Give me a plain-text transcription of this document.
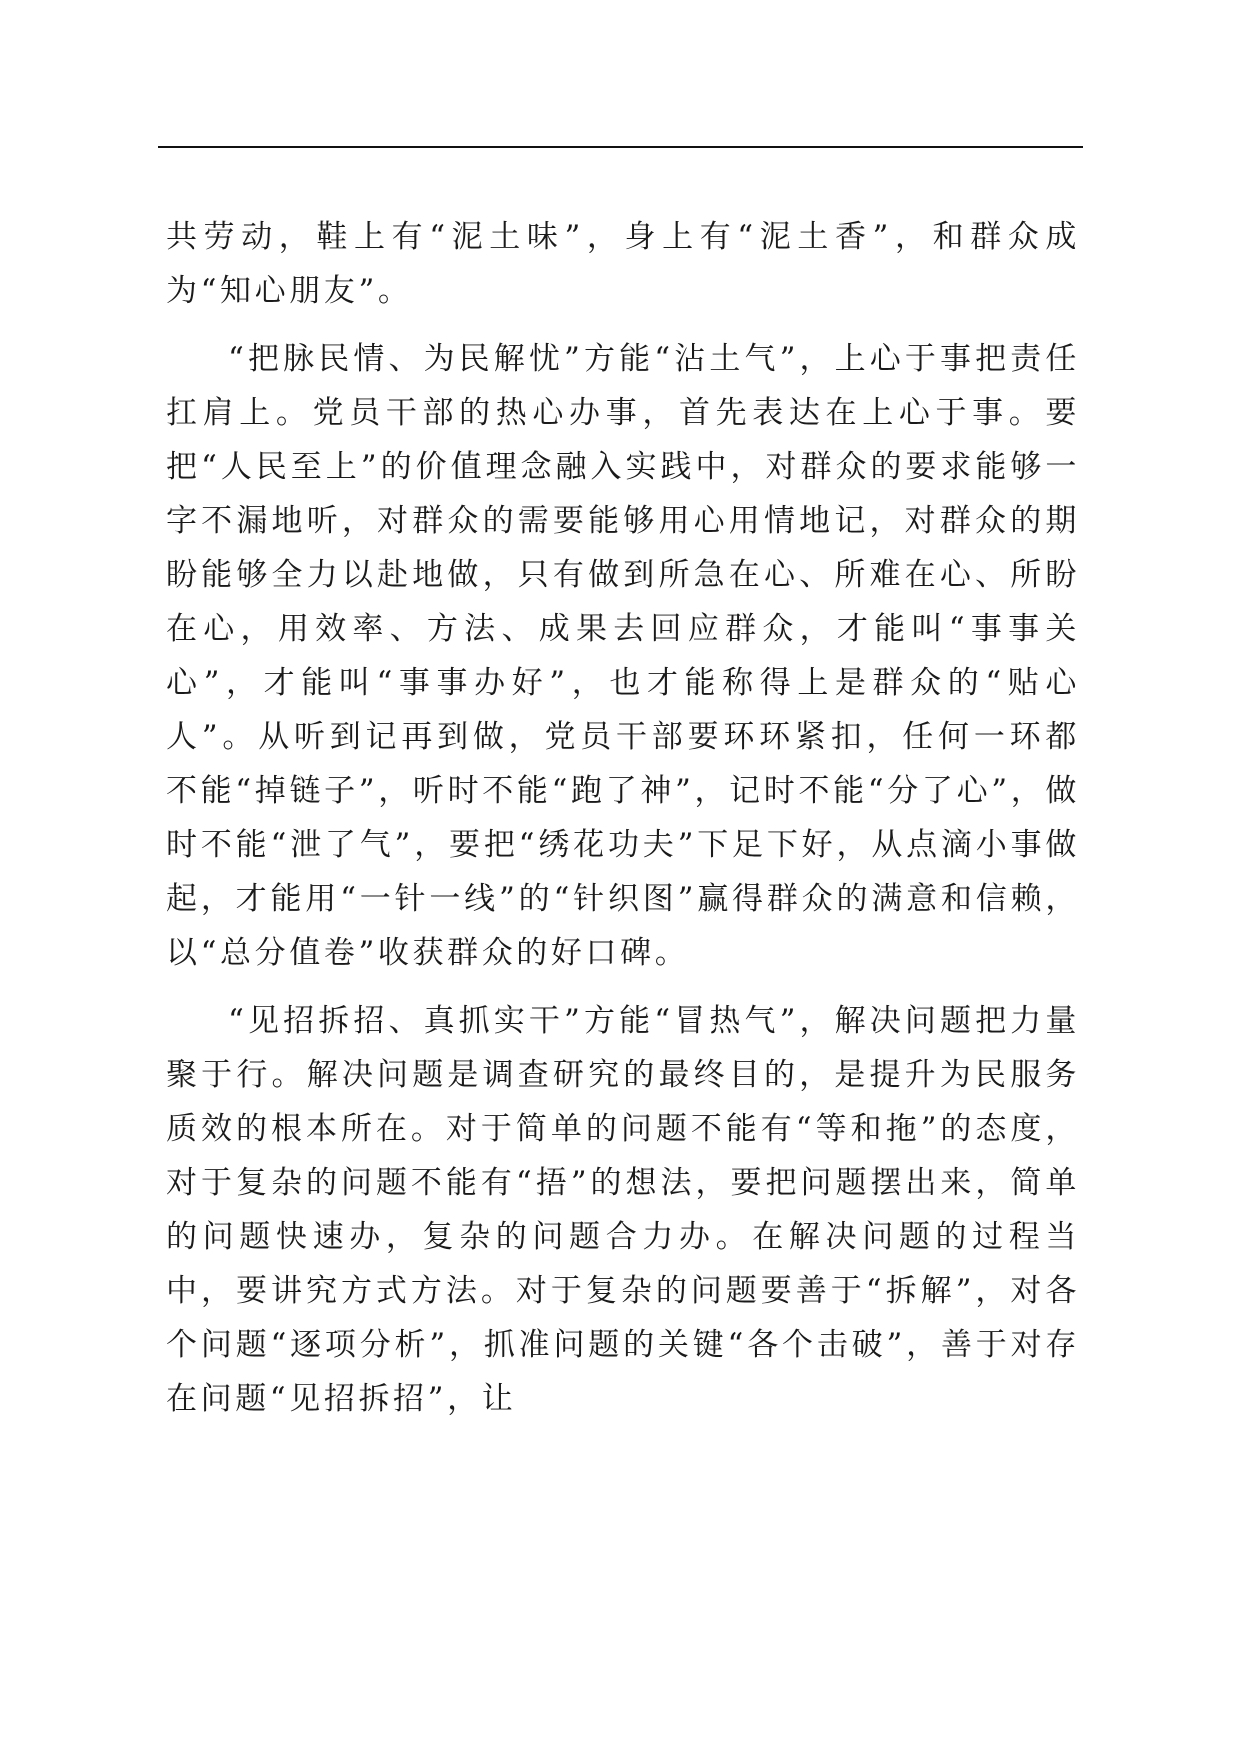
共劳动，鞋上有“泥土味”，身上有“泥土香”，和群众成为“知心朋友”。

“把脉民情、为民解忧”方能“沾土气”，上心于事把责任扛肩上。党员干部的热心办事，首先表达在上心于事。要把“人民至上”的价值理念融入实践中，对群众的要求能够一字不漏地听，对群众的需要能够用心用情地记，对群众的期盼能够全力以赴地做，只有做到所急在心、所难在心、所盼在心，用效率、方法、成果去回应群众，才能叫“事事关心”，才能叫“事事办好”，也才能称得上是群众的“贴心人”。从听到记再到做，党员干部要环环紧扣，任何一环都不能“掉链子”，听时不能“跑了神”，记时不能“分了心”，做时不能“泄了气”，要把“绣花功夫”下足下好，从点滴小事做起，才能用“一针一线”的“针织图”赢得群众的满意和信赖，以“总分值卷”收获群众的好口碑。

“见招拆招、真抓实干”方能“冒热气”，解决问题把力量聚于行。解决问题是调查研究的最终目的，是提升为民服务质效的根本所在。对于简单的问题不能有“等和拖”的态度，对于复杂的问题不能有“捂”的想法，要把问题摆出来，简单的问题快速办，复杂的问题合力办。在解决问题的过程当中，要讲究方式方法。对于复杂的问题要善于“拆解”，对各个问题“逐项分析”，抓准问题的关键“各个击破”，善于对存在问题“见招拆招”，让
